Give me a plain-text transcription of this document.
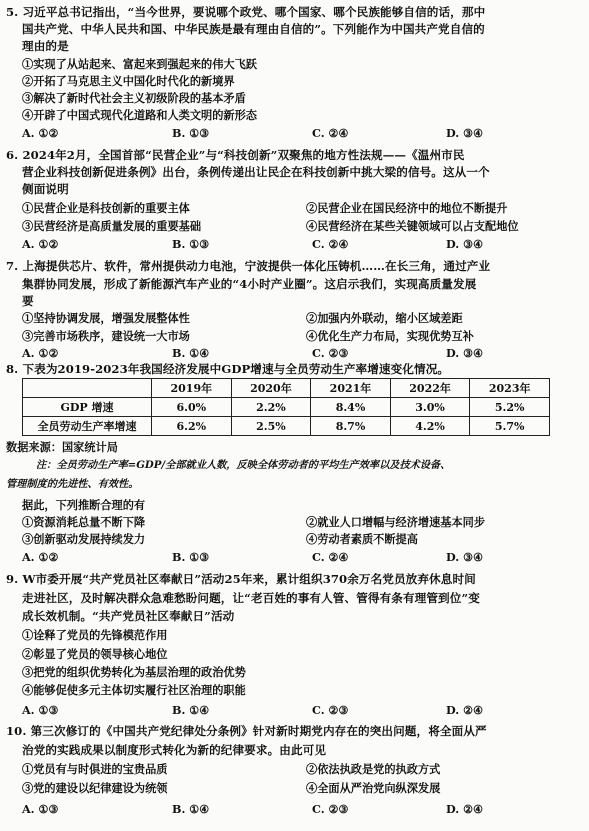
5. 习近平总书记指出，“当今世界，要说哪个政党、哪个国家、哪个民族能够自信的话，那中
国共产党、中华人民共和国、中华民族是最有理由自信的”。下列能作为中国共产党自信的
理由的是
①实现了从站起来、富起来到强起来的伟大飞跃
②开拓了马克思主义中国化时代化的新境界
③解决了新时代社会主义初级阶段的基本矛盾
④开辟了中国式现代化道路和人类文明的新形态
A. ①②	B. ①③	C. ②④	D. ③④
6. 2024年2月，全国首部“民营企业”与“科技创新”双聚焦的地方性法规——《温州市民
营企业科技创新促进条例》出台，条例传递出让民企在科技创新中挑大梁的信号。这从一个
侧面说明
①民营企业是科技创新的重要主体	②民营企业在国民经济中的地位不断提升
③民营经济是高质量发展的重要基础	④民营经济在某些关键领域可以占支配地位
A. ①②	B. ①③	C. ②④	D. ③④
7. 上海提供芯片、软件，常州提供动力电池，宁波提供一体化压铸机……在长三角，通过产业
集群协同发展，形成了新能源汽车产业的“4小时产业圈”。这启示我们，实现高质量发展
要
①坚持协调发展，增强发展整体性	②加强内外联动，缩小区域差距
③完善市场秩序，建设统一大市场	④优化生产力布局，实现优势互补
A. ①②	B. ①④	C. ②③	D. ③④
8. 下表为2019-2023年我国经济发展中GDP增速与全员劳动生产率增速变化情况。
	2019年	2020年	2021年	2022年	2023年
GDP 增速	6.0%	2.2%	8.4%	3.0%	5.2%
全员劳动生产率增速	6.2%	2.5%	8.7%	4.2%	5.7%
数据来源：国家统计局
注：全员劳动生产率=GDP/全部就业人数，反映全体劳动者的平均生产效率以及技术设备、
管理制度的先进性、有效性。
据此，下列推断合理的有
①资源消耗总量不断下降	②就业人口增幅与经济增速基本同步
③创新驱动发展持续发力	④劳动者素质不断提高
A. ①②	B. ①③	C. ②④	D. ③④
9. W市委开展“共产党员社区奉献日”活动25年来，累计组织370余万名党员放弃休息时间
走进社区，及时解决群众急难愁盼问题，让“老百姓的事有人管、管得有条有理管到位”变
成长效机制。“共产党员社区奉献日”活动
①诠释了党员的先锋模范作用
②彰显了党员的领导核心地位
③把党的组织优势转化为基层治理的政治优势
④能够促使多元主体切实履行社区治理的职能
A. ①③	B. ①④	C. ②③	D. ②④
10. 第三次修订的《中国共产党纪律处分条例》针对新时期党内存在的突出问题，将全面从严
治党的实践成果以制度形式转化为新的纪律要求。由此可见
①党员有与时俱进的宝贵品质	②依法执政是党的执政方式
③党的建设以纪律建设为统领	④全面从严治党向纵深发展
A. ①③	B. ①④	C. ②③	D. ②④
